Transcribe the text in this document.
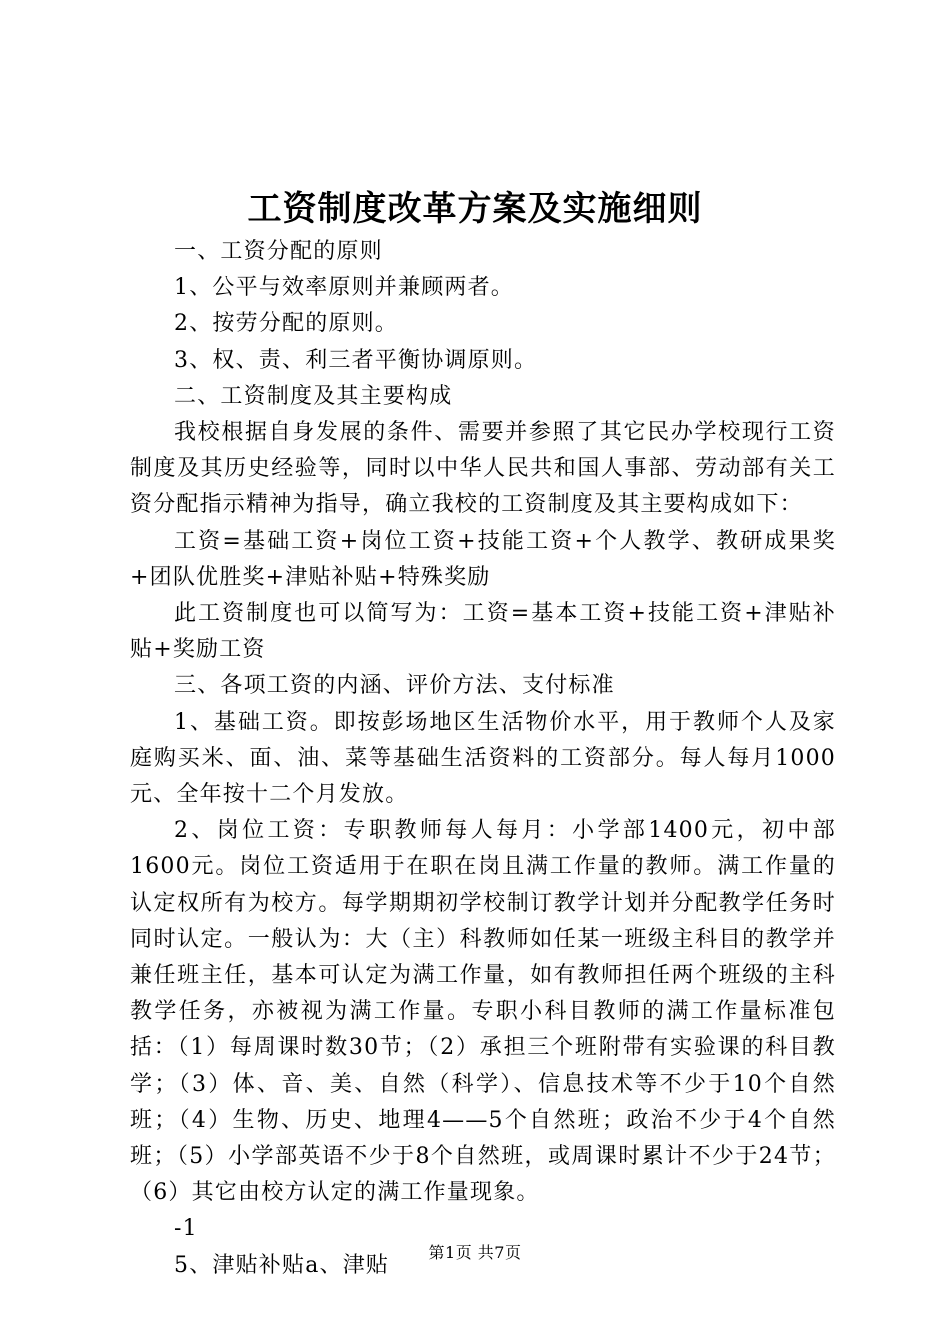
工资制度改革方案及实施细则

一、工资分配的原则

1、公平与效率原则并兼顾两者。

2、按劳分配的原则。

3、权、责、利三者平衡协调原则。

二、工资制度及其主要构成

我校根据自身发展的条件、需要并参照了其它民办学校现行工资制度及其历史经验等，同时以中华人民共和国人事部、劳动部有关工资分配指示精神为指导，确立我校的工资制度及其主要构成如下：

工资=基础工资+岗位工资+技能工资+个人教学、教研成果奖+团队优胜奖+津贴补贴+特殊奖励

此工资制度也可以简写为：工资=基本工资+技能工资+津贴补贴+奖励工资

三、各项工资的内涵、评价方法、支付标准

1、基础工资。即按彭场地区生活物价水平，用于教师个人及家庭购买米、面、油、菜等基础生活资料的工资部分。每人每月1000元、全年按十二个月发放。

2、岗位工资：专职教师每人每月：小学部1400元，初中部1600元。岗位工资适用于在职在岗且满工作量的教师。满工作量的认定权所有为校方。每学期期初学校制订教学计划并分配教学任务时同时认定。一般认为：大（主）科教师如任某一班级主科目的教学并兼任班主任，基本可认定为满工作量，如有教师担任两个班级的主科教学任务，亦被视为满工作量。专职小科目教师的满工作量标准包括：（1）每周课时数30节；（2）承担三个班附带有实验课的科目教学；（3）体、音、美、自然（科学）、信息技术等不少于10个自然班；（4）生物、历史、地理4——5个自然班；政治不少于4个自然班；（5）小学部英语不少于8个自然班，或周课时累计不少于24节；（6）其它由校方认定的满工作量现象。

-1

5、津贴补贴a、津贴

第1页 共7页
